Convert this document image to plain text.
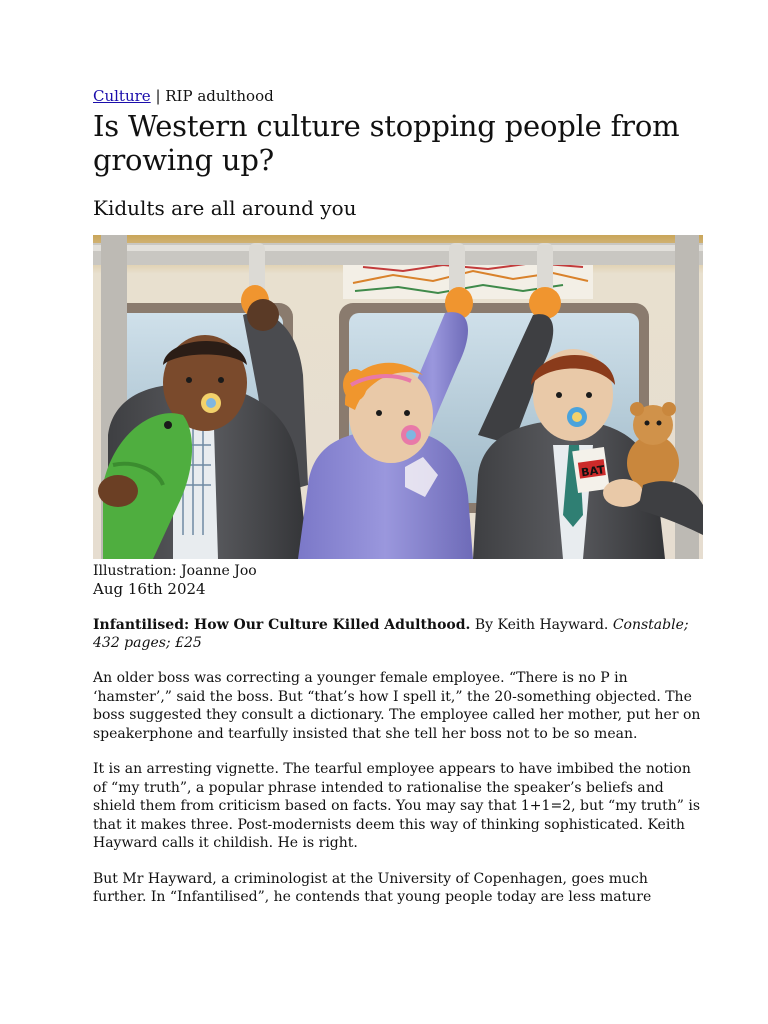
Culture | RIP adulthood

Is Western culture stopping people from growing up?
Kidults are all around you
BAT

Illustration: Joanne Joo

Aug 16th 2024

Infantilised: How Our Culture Killed Adulthood. By Keith Hayward. Constable; 432 pages; £25

An older boss was correcting a younger female employee. “There is no P in ‘hamster’,” said the boss. But “that’s how I spell it,” the 20-something objected. The boss suggested they consult a dictionary. The employee called her mother, put her on speakerphone and tearfully insisted that she tell her boss not to be so mean.

It is an arresting vignette. The tearful employee appears to have imbibed the notion of “my truth”, a popular phrase intended to rationalise the speaker’s beliefs and shield them from criticism based on facts. You may say that 1+1=2, but “my truth” is that it makes three. Post-modernists deem this way of thinking sophisticated. Keith Hayward calls it childish. He is right.

But Mr Hayward, a criminologist at the University of Copenhagen, goes much further. In “Infantilised”, he contends that young people today are less mature
